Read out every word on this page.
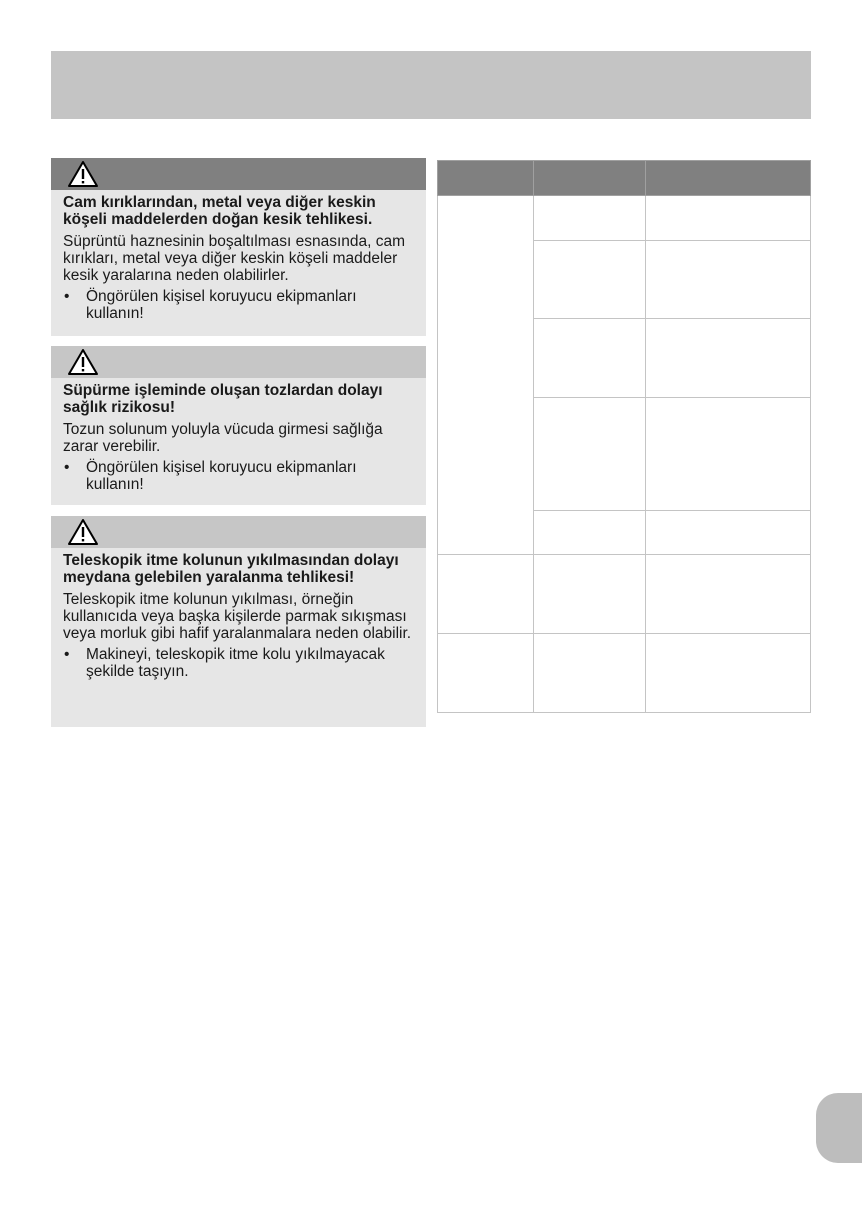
Cam kırıklarından, metal veya diğer keskin köşeli maddelerden doğan kesik tehlikesi.

Süprüntü haznesinin boşaltılması esnasında, cam kırıkları, metal veya diğer keskin köşeli maddeler kesik yaralarına neden olabilirler.

•	Öngörülen kişisel koruyucu ekipmanları kullanın!

Süpürme işleminde oluşan tozlardan dolayı sağlık rizikosu!

Tozun solunum yoluyla vücuda girmesi sağlığa zarar verebilir.

•	Öngörülen kişisel koruyucu ekipmanları kullanın!

Teleskopik itme kolunun yıkılmasından dolayı meydana gelebilen yaralanma tehlikesi!

Teleskopik itme kolunun yıkılması, örneğin kullanıcıda veya başka kişilerde parmak sıkışması veya morluk gibi hafif yaralanmalara neden olabilir.

•	Makineyi, teleskopik itme kolu yıkılmayacak şekilde taşıyın.
